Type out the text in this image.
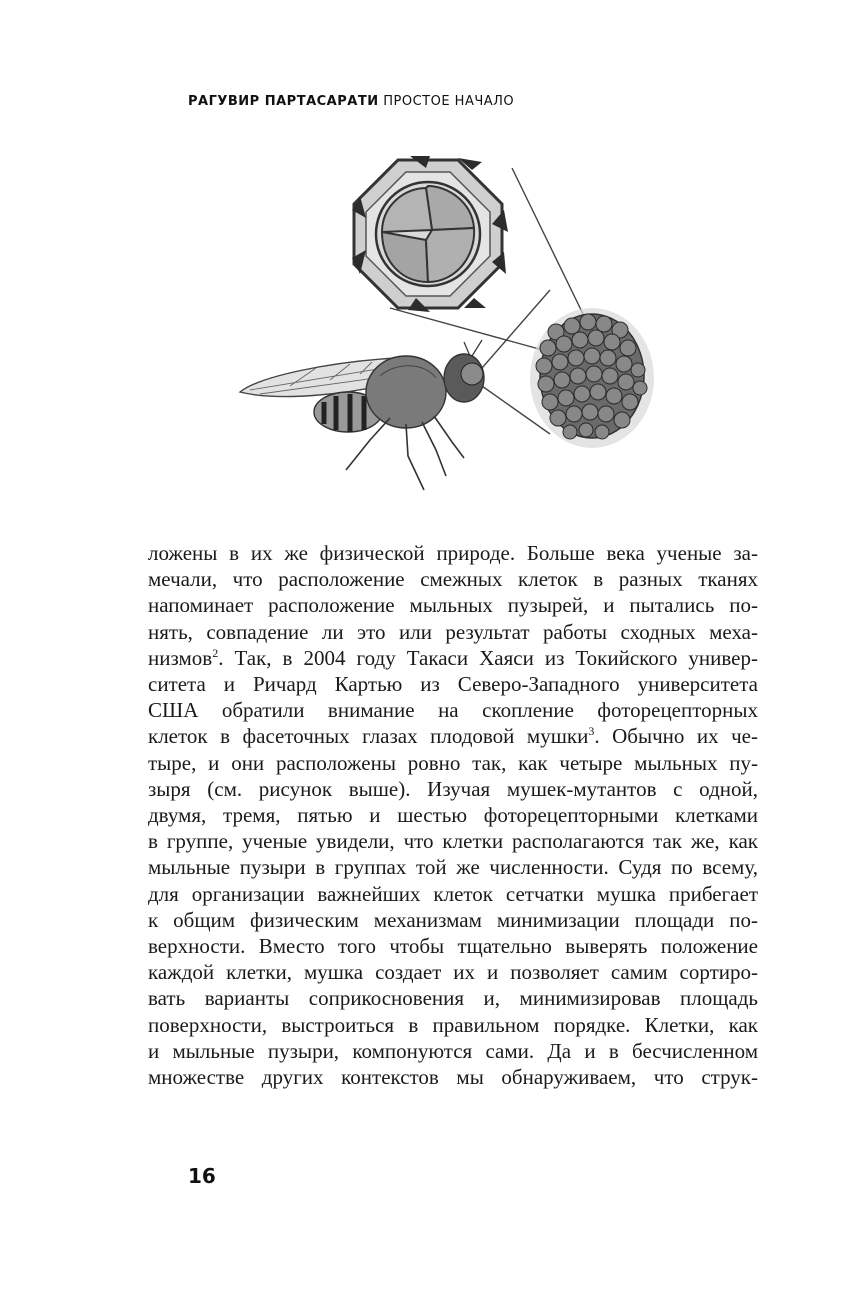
РАГУВИР ПАРТАСАРАТИ ПРОСТОЕ НАЧАЛО

ложены в их же физической природе. Больше века ученые за-
мечали, что расположение смежных клеток в разных тканях
напоминает расположение мыльных пузырей, и пытались по-
нять, совпадение ли это или результат работы сходных меха-
низмов$^2$. Так, в 2004 году Такаси Хаяси из Токийского универ-
ситета и Ричард Картью из Северо-Западного университета
США обратили внимание на скопление фоторецепторных
клеток в фасеточных глазах плодовой мушки$^3$. Обычно их че-
тыре, и они расположены ровно так, как четыре мыльных пу-
зыря (см. рисунок выше). Изучая мушек-мутантов с одной,
двумя, тремя, пятью и шестью фоторецепторными клетками
в группе, ученые увидели, что клетки располагаются так же, как
мыльные пузыри в группах той же численности. Судя по всему,
для организации важнейших клеток сетчатки мушка прибегает
к общим физическим механизмам минимизации площади по-
верхности. Вместо того чтобы тщательно выверять положение
каждой клетки, мушка создает их и позволяет самим сортиро-
вать варианты соприкосновения и, минимизировав площадь
поверхности, выстроиться в правильном порядке. Клетки, как
и мыльные пузыри, компонуются сами. Да и в бесчисленном
множестве других контекстов мы обнаруживаем, что струк-

16
